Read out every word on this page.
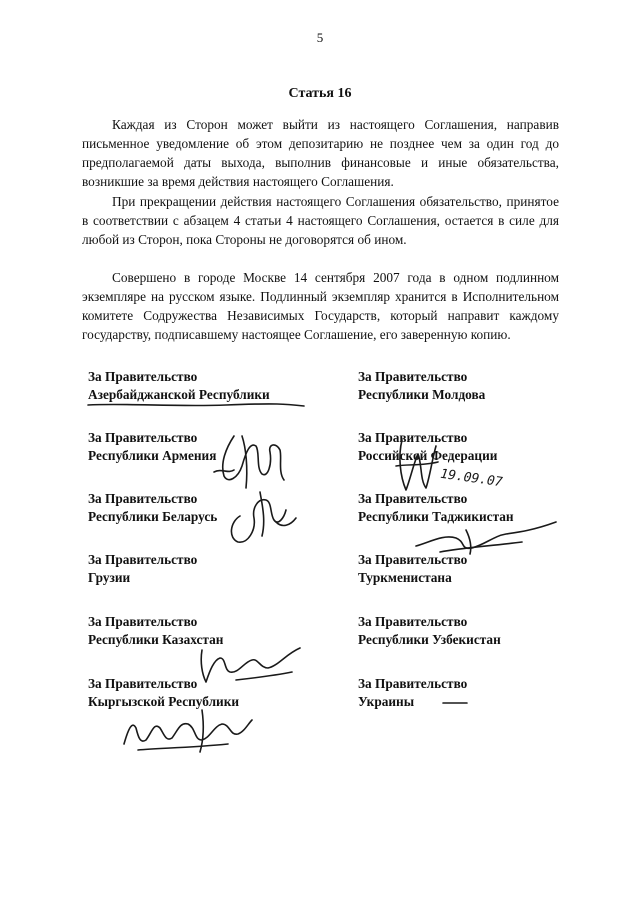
5
Статья 16

Каждая из Сторон может выйти из настоящего Соглашения, направив письменное уведомление об этом депозитарию не позднее чем за один год до предполагаемой даты выхода, выполнив финансовые и иные обязательства, возникшие за время действия настоящего Соглашения.

При прекращении действия настоящего Соглашения обязательство, принятое в соответствии с абзацем 4 статьи 4 настоящего Соглашения, остается в силе для любой из Сторон, пока Стороны не договорятся об ином.

Совершено в городе Москве 14 сентября 2007 года в одном подлинном экземпляре на русском языке. Подлинный экземпляр хранится в Исполнительном комитете Содружества Независимых Государств, который направит каждому государству, подписавшему настоящее Соглашение, его заверенную копию.

За Правительство
Азербайджанской Республики
За Правительство
Республики Армения
За Правительство
Республики Беларусь
За Правительство
Грузии
За Правительство
Республики Казахстан
За Правительство
Кыргызской Республики
За Правительство
Республики Молдова
За Правительство
Российской Федерации
За Правительство
Республики Таджикистан
За Правительство
Туркменистана
За Правительство
Республики Узбекистан
За Правительство
Украины
19.09.07
